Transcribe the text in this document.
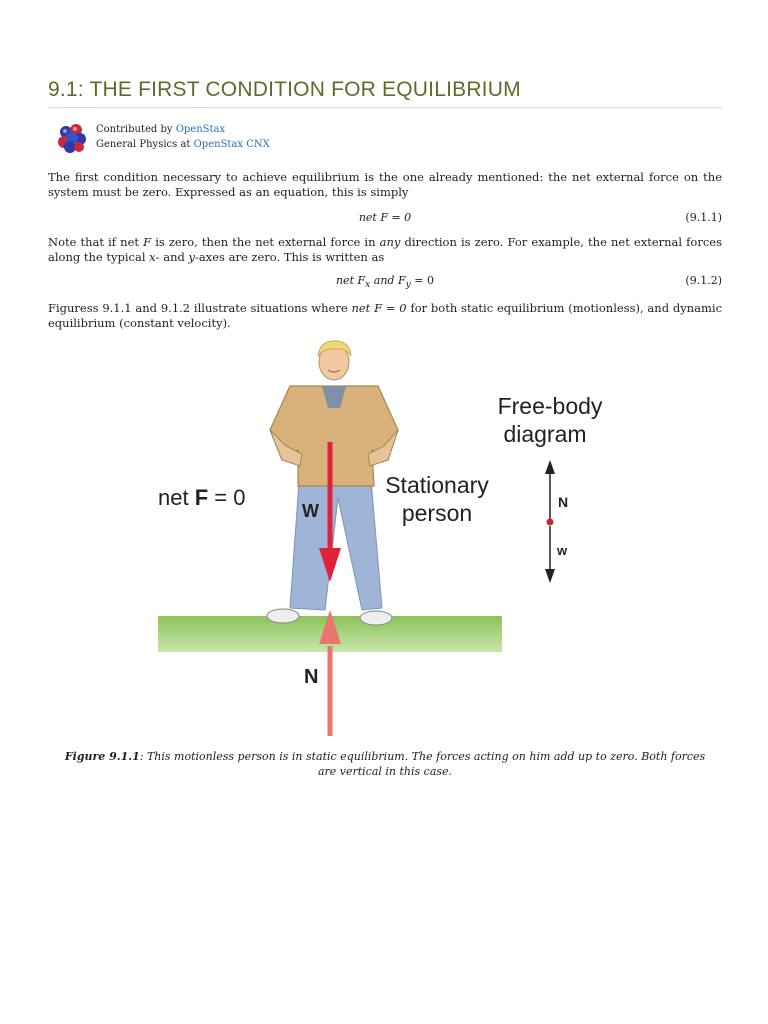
9.1: THE FIRST CONDITION FOR EQUILIBRIUM
Contributed by OpenStax
General Physics at OpenStax CNX

The first condition necessary to achieve equilibrium is the one already mentioned: the net external force on the system must be zero. Expressed as an equation, this is simply

net F = 0	(9.1.1)

Note that if net F is zero, then the net external force in any direction is zero. For example, the net external forces along the typical x- and y-axes are zero. This is written as

net $F_x$ and $F_y = 0$	(9.1.2)

Figuress 9.1.1 and 9.1.2 illustrate situations where net F = 0 for both static equilibrium (motionless), and dynamic equilibrium (constant velocity).

net F = 0
W
N
Stationary
person
Free-body
diagram
N
w
Figure 9.1.1: This motionless person is in static equilibrium. The forces acting on him add up to zero. Both forces are vertical in this case.
